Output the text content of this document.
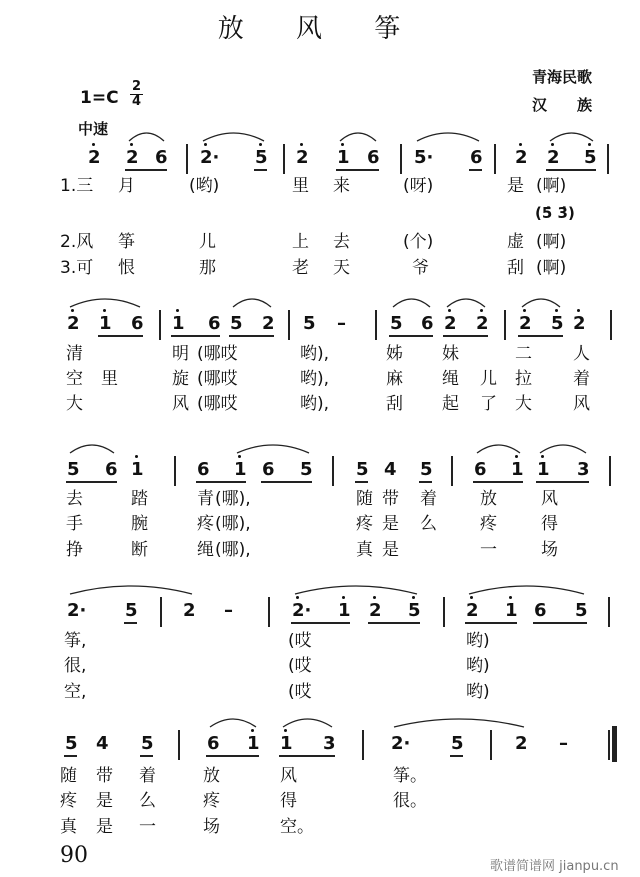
放 风 筝
1=C
2
4
中速
青海民歌
汉　　族
(5̇ 3̇)
90	歌谱简谱网 jianpu.cn
2 2 6 2· 5 2 1 6 5· 6 2 2 5
1.三 月	(哟)	里 来	(呀)	是 (啊)
2.风 筝	儿	上 去	(个)	虚 (啊)
3.可 恨	那	老 天	爷	刮 (啊)
2 1 6 1 6 5 2 5 – 5 6 2 2 2 5 2
清	明 (哪哎	哟),	姊 妹	二 人
空 里	旋 (哪哎	哟),	麻 绳 儿 拉 着
大	风 (哪哎	哟),	刮 起 了 大 风
5 6 1	6 1 6 5 5 4 5 6 1 1 3
去	踏	青 (哪),	随 带 着	放	风
手	腕	疼 (哪),	疼 是 么	疼	得
挣	断	绳 (哪),	真 是	一	场
2· 5	2 –	2· 1 2 5	2 1 6 5
筝,	(哎	哟)
很,	(哎	哟)
空,	(哎	哟)
5 4 5	6 1 1 3	2· 5	2 –
随 带 着	放	风	筝。
疼 是 么	疼	得	很。
真 是 一	场	空。
